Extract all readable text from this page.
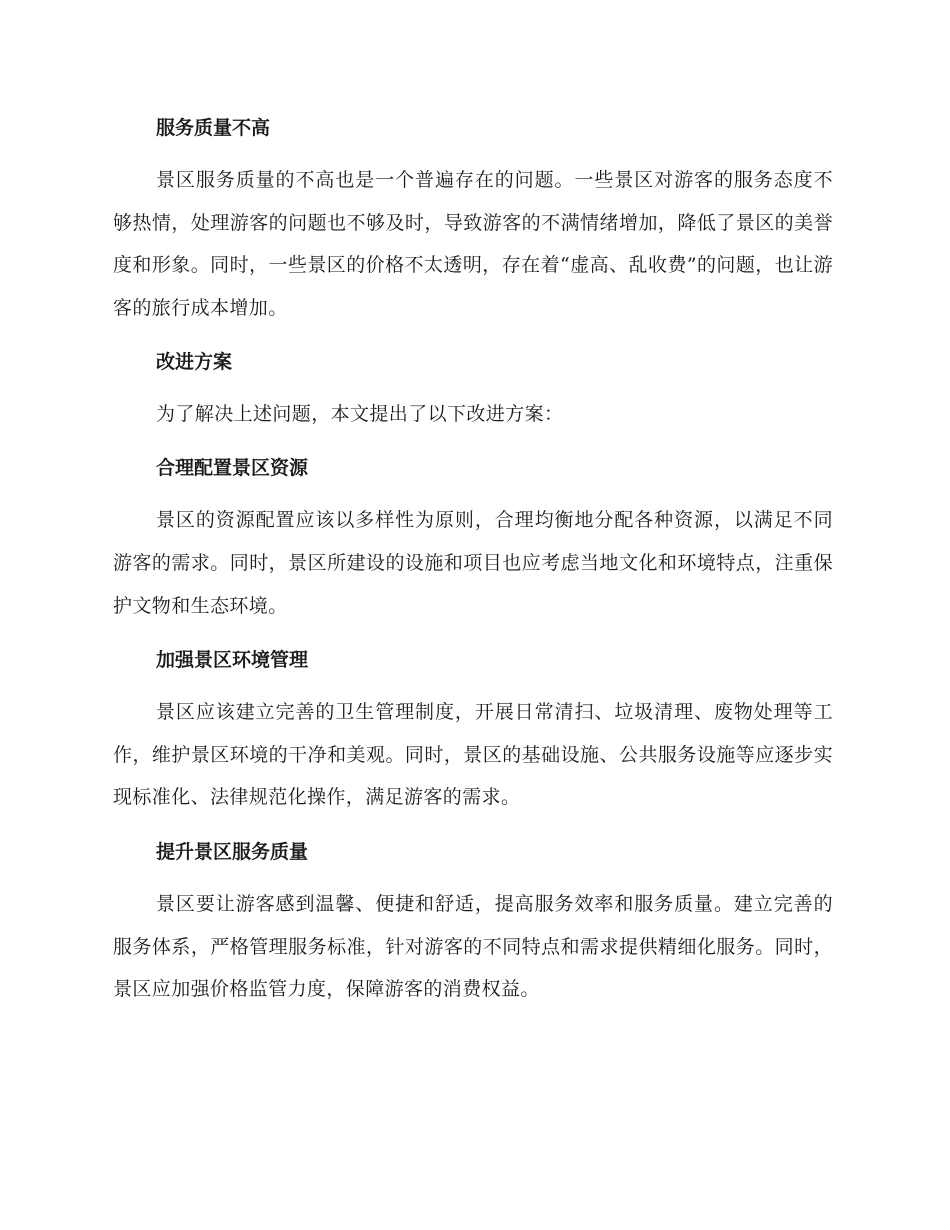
服务质量不高

景区服务质量的不高也是一个普遍存在的问题。一些景区对游客的服务态度不够热情，处理游客的问题也不够及时，导致游客的不满情绪增加，降低了景区的美誉度和形象。同时，一些景区的价格不太透明，存在着“虚高、乱收费”的问题，也让游客的旅行成本增加。

改进方案

为了解决上述问题，本文提出了以下改进方案：

合理配置景区资源

景区的资源配置应该以多样性为原则，合理均衡地分配各种资源，以满足不同游客的需求。同时，景区所建设的设施和项目也应考虑当地文化和环境特点，注重保护文物和生态环境。

加强景区环境管理

景区应该建立完善的卫生管理制度，开展日常清扫、垃圾清理、废物处理等工作，维护景区环境的干净和美观。同时，景区的基础设施、公共服务设施等应逐步实现标准化、法律规范化操作，满足游客的需求。

提升景区服务质量

景区要让游客感到温馨、便捷和舒适，提高服务效率和服务质量。建立完善的服务体系，严格管理服务标准，针对游客的不同特点和需求提供精细化服务。同时，景区应加强价格监管力度，保障游客的消费权益。
